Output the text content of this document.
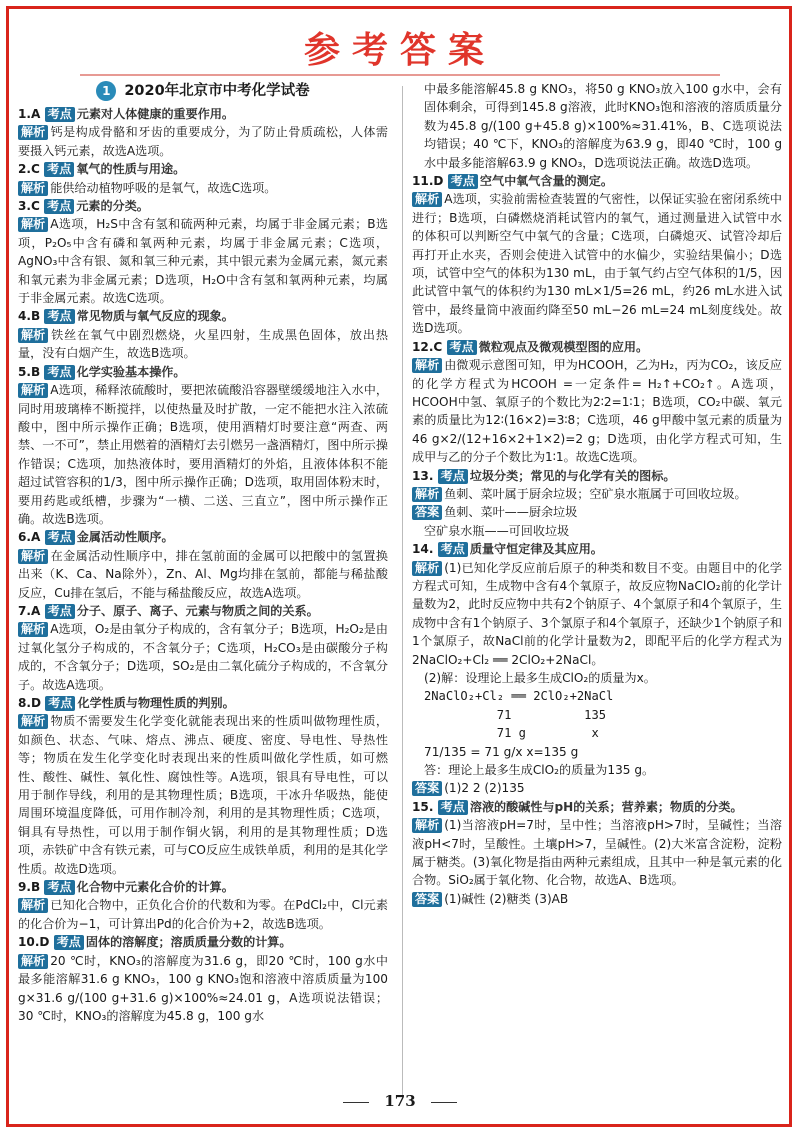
参考答案
1 2020年北京市中考化学试卷

1.A 考点 元素对人体健康的重要作用。

解析 钙是构成骨骼和牙齿的重要成分，为了防止骨质疏松，人体需要摄入钙元素，故选A选项。

2.C 考点 氧气的性质与用途。

解析 能供给动植物呼吸的是氧气，故选C选项。

3.C 考点 元素的分类。

解析 A选项，H₂S中含有氢和硫两种元素，均属于非金属元素；B选项，P₂O₅中含有磷和氧两种元素，均属于非金属元素；C选项，AgNO₃中含有银、氮和氧三种元素，其中银元素为金属元素，氮元素和氧元素为非金属元素；D选项，H₂O中含有氢和氧两种元素，均属于非金属元素。故选C选项。

4.B 考点 常见物质与氧气反应的现象。

解析 铁丝在氧气中剧烈燃烧，火星四射，生成黑色固体，放出热量，没有白烟产生，故选B选项。

5.B 考点 化学实验基本操作。

解析 A选项，稀释浓硫酸时，要把浓硫酸沿容器壁缓缓地注入水中，同时用玻璃棒不断搅拌，以使热量及时扩散，一定不能把水注入浓硫酸中，图中所示操作正确；B选项，使用酒精灯时要注意“两查、两禁、一不可”，禁止用燃着的酒精灯去引燃另一盏酒精灯，图中所示操作错误；C选项，加热液体时，要用酒精灯的外焰，且液体体积不能超过试管容积的1/3，图中所示操作正确；D选项，取用固体粉末时，要用药匙或纸槽，步骤为“一横、二送、三直立”，图中所示操作正确。故选B选项。

6.A 考点 金属活动性顺序。

解析 在金属活动性顺序中，排在氢前面的金属可以把酸中的氢置换出来（K、Ca、Na除外），Zn、Al、Mg均排在氢前，都能与稀盐酸反应，Cu排在氢后，不能与稀盐酸反应，故选A选项。

7.A 考点 分子、原子、离子、元素与物质之间的关系。

解析 A选项，O₂是由氧分子构成的，含有氧分子；B选项，H₂O₂是由过氧化氢分子构成的，不含氧分子；C选项，H₂CO₃是由碳酸分子构成的，不含氧分子；D选项，SO₂是由二氧化硫分子构成的，不含氧分子。故选A选项。

8.D 考点 化学性质与物理性质的判别。

解析 物质不需要发生化学变化就能表现出来的性质叫做物理性质，如颜色、状态、气味、熔点、沸点、硬度、密度、导电性、导热性等；物质在发生化学变化时表现出来的性质叫做化学性质，如可燃性、酸性、碱性、氧化性、腐蚀性等。A选项，银具有导电性，可以用于制作导线，利用的是其物理性质；B选项，干冰升华吸热，能使周围环境温度降低，可用作制冷剂，利用的是其物理性质；C选项，铜具有导热性，可以用于制作铜火锅，利用的是其物理性质；D选项，赤铁矿中含有铁元素，可与CO反应生成铁单质，利用的是其化学性质。故选D选项。

9.B 考点 化合物中元素化合价的计算。

解析 已知化合物中，正负化合价的代数和为零。在PdCl₂中，Cl元素的化合价为−1，可计算出Pd的化合价为+2，故选B选项。

10.D 考点 固体的溶解度；溶质质量分数的计算。

解析 20 ℃时，KNO₃的溶解度为31.6 g，即20 ℃时，100 g水中最多能溶解31.6 g KNO₃，100 g KNO₃饱和溶液中溶质质量为100 g×31.6 g/(100 g+31.6 g)×100%≈24.01 g，A选项说法错误；30 ℃时，KNO₃的溶解度为45.8 g，100 g水

中最多能溶解45.8 g KNO₃，将50 g KNO₃放入100 g水中，会有固体剩余，可得到145.8 g溶液，此时KNO₃饱和溶液的溶质质量分数为45.8 g/(100 g+45.8 g)×100%≈31.41%，B、C选项说法均错误；40 ℃下，KNO₃的溶解度为63.9 g，即40 ℃时，100 g水中最多能溶解63.9 g KNO₃，D选项说法正确。故选D选项。

11.D 考点 空气中氧气含量的测定。

解析 A选项，实验前需检查装置的气密性，以保证实验在密闭系统中进行；B选项，白磷燃烧消耗试管内的氧气，通过测量进入试管中水的体积可以判断空气中氧气的含量；C选项，白磷熄灭、试管冷却后再打开止水夹，否则会使进入试管中的水偏少，实验结果偏小；D选项，试管中空气的体积为130 mL，由于氧气约占空气体积的1/5，因此试管中氧气的体积约为130 mL×1/5=26 mL，约26 mL水进入试管中，最终量筒中液面约降至50 mL−26 mL=24 mL刻度线处。故选D选项。

12.C 考点 微粒观点及微观模型图的应用。

解析 由微观示意图可知，甲为HCOOH，乙为H₂，丙为CO₂，该反应的化学方程式为HCOOH =一定条件= H₂↑+CO₂↑。A选项，HCOOH中氢、氧原子的个数比为2∶2=1∶1；B选项，CO₂中碳、氧元素的质量比为12∶(16×2)=3∶8；C选项，46 g甲酸中氢元素的质量为46 g×2/(12+16×2+1×2)=2 g；D选项，由化学方程式可知，生成甲与乙的分子个数比为1∶1。故选C选项。

13. 考点 垃圾分类；常见的与化学有关的图标。

解析 鱼刺、菜叶属于厨余垃圾；空矿泉水瓶属于可回收垃圾。

答案 鱼刺、菜叶——厨余垃圾

空矿泉水瓶——可回收垃圾

14. 考点 质量守恒定律及其应用。

解析 (1)已知化学反应前后原子的种类和数目不变。由题目中的化学方程式可知，生成物中含有4个氧原子，故反应物NaClO₂前的化学计量数为2，此时反应物中共有2个钠原子、4个氯原子和4个氧原子，生成物中含有1个钠原子、3个氯原子和4个氧原子，还缺少1个钠原子和1个氯原子，故NaCl前的化学计量数为2，即配平后的化学方程式为2NaClO₂+Cl₂ ══ 2ClO₂+2NaCl。

(2)解：设理论上最多生成ClO₂的质量为x。

2NaClO₂+Cl₂ ══ 2ClO₂+2NaCl

71          135

71 g         x

71/135 = 71 g/x x=135 g

答：理论上最多生成ClO₂的质量为135 g。

答案 (1)2 2 (2)135

15. 考点 溶液的酸碱性与pH的关系；营养素；物质的分类。

解析 (1)当溶液pH=7时，呈中性；当溶液pH>7时，呈碱性；当溶液pH<7时，呈酸性。土壤pH>7，呈碱性。(2)大米富含淀粉，淀粉属于糖类。(3)氧化物是指由两种元素组成，且其中一种是氧元素的化合物。SiO₂属于氧化物、化合物，故选A、B选项。

答案 (1)碱性 (2)糖类 (3)AB

173
